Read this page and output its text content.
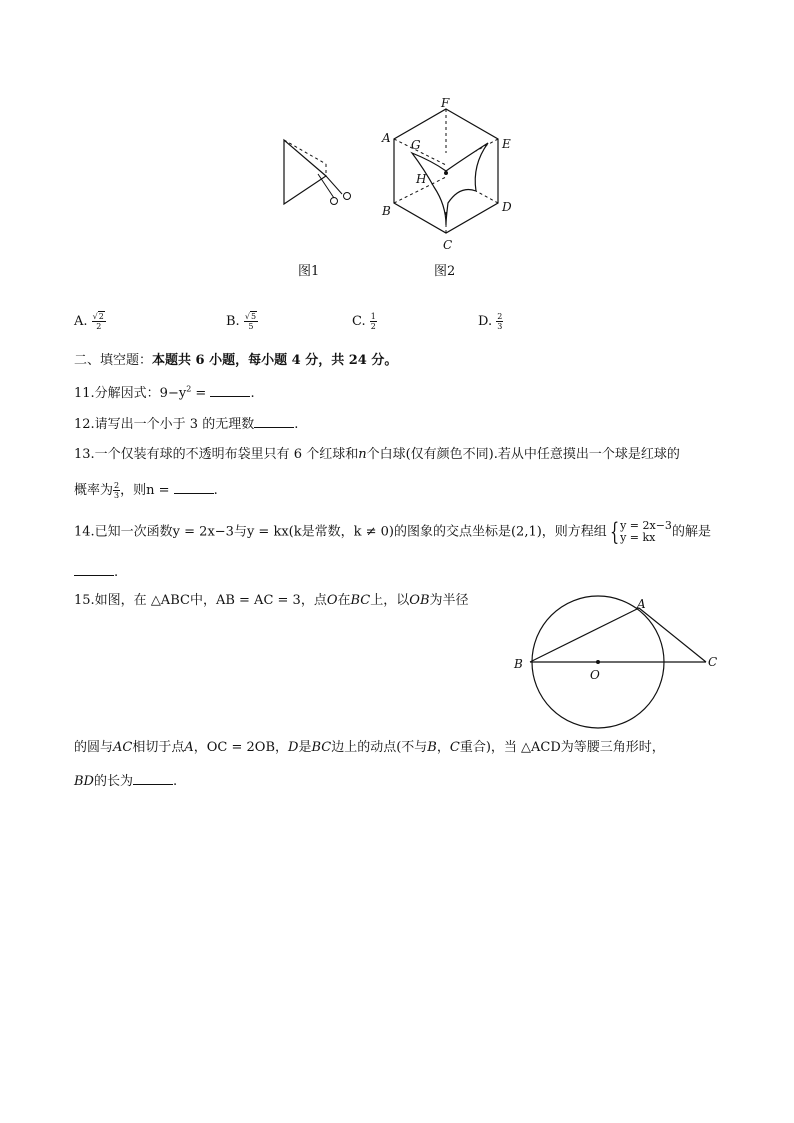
图1
F
A G	E
H
B	D
C
图2
A. $\frac{√2}{2}$	B. $\frac{√5}{5}$	C. $\frac{1}{2}$	D. $\frac{2}{3}$
二、填空题：本题共 6 小题，每小题 4 分，共 24 分。
11.分解因式：$9-y^2$ =	.
12.请写出一个小于 3 的无理数	.
13.一个仅装有球的不透明布袋里只有 6 个红球和n个白球(仅有颜色不同).若从中任意摸出一个球是红球的
概率为 $\frac{2}{3}$ ，则n =	.
14.已知一次函数y = 2x−3与y = kx(k是常数，k ≠ 0)的图象的交点坐标是(2,1)，则方程组 { y = 2x−3
y = kx	的解是
.
15.如图，在 △ABC中，AB = AC = 3，点O在BC上，以OB为半径	A
B	C
O
的圆与AC相切于点A，OC = 2OB，D是BC边上的动点(不与B，C重合)，当 △ACD为等腰三角形时，
BD的长为	.
